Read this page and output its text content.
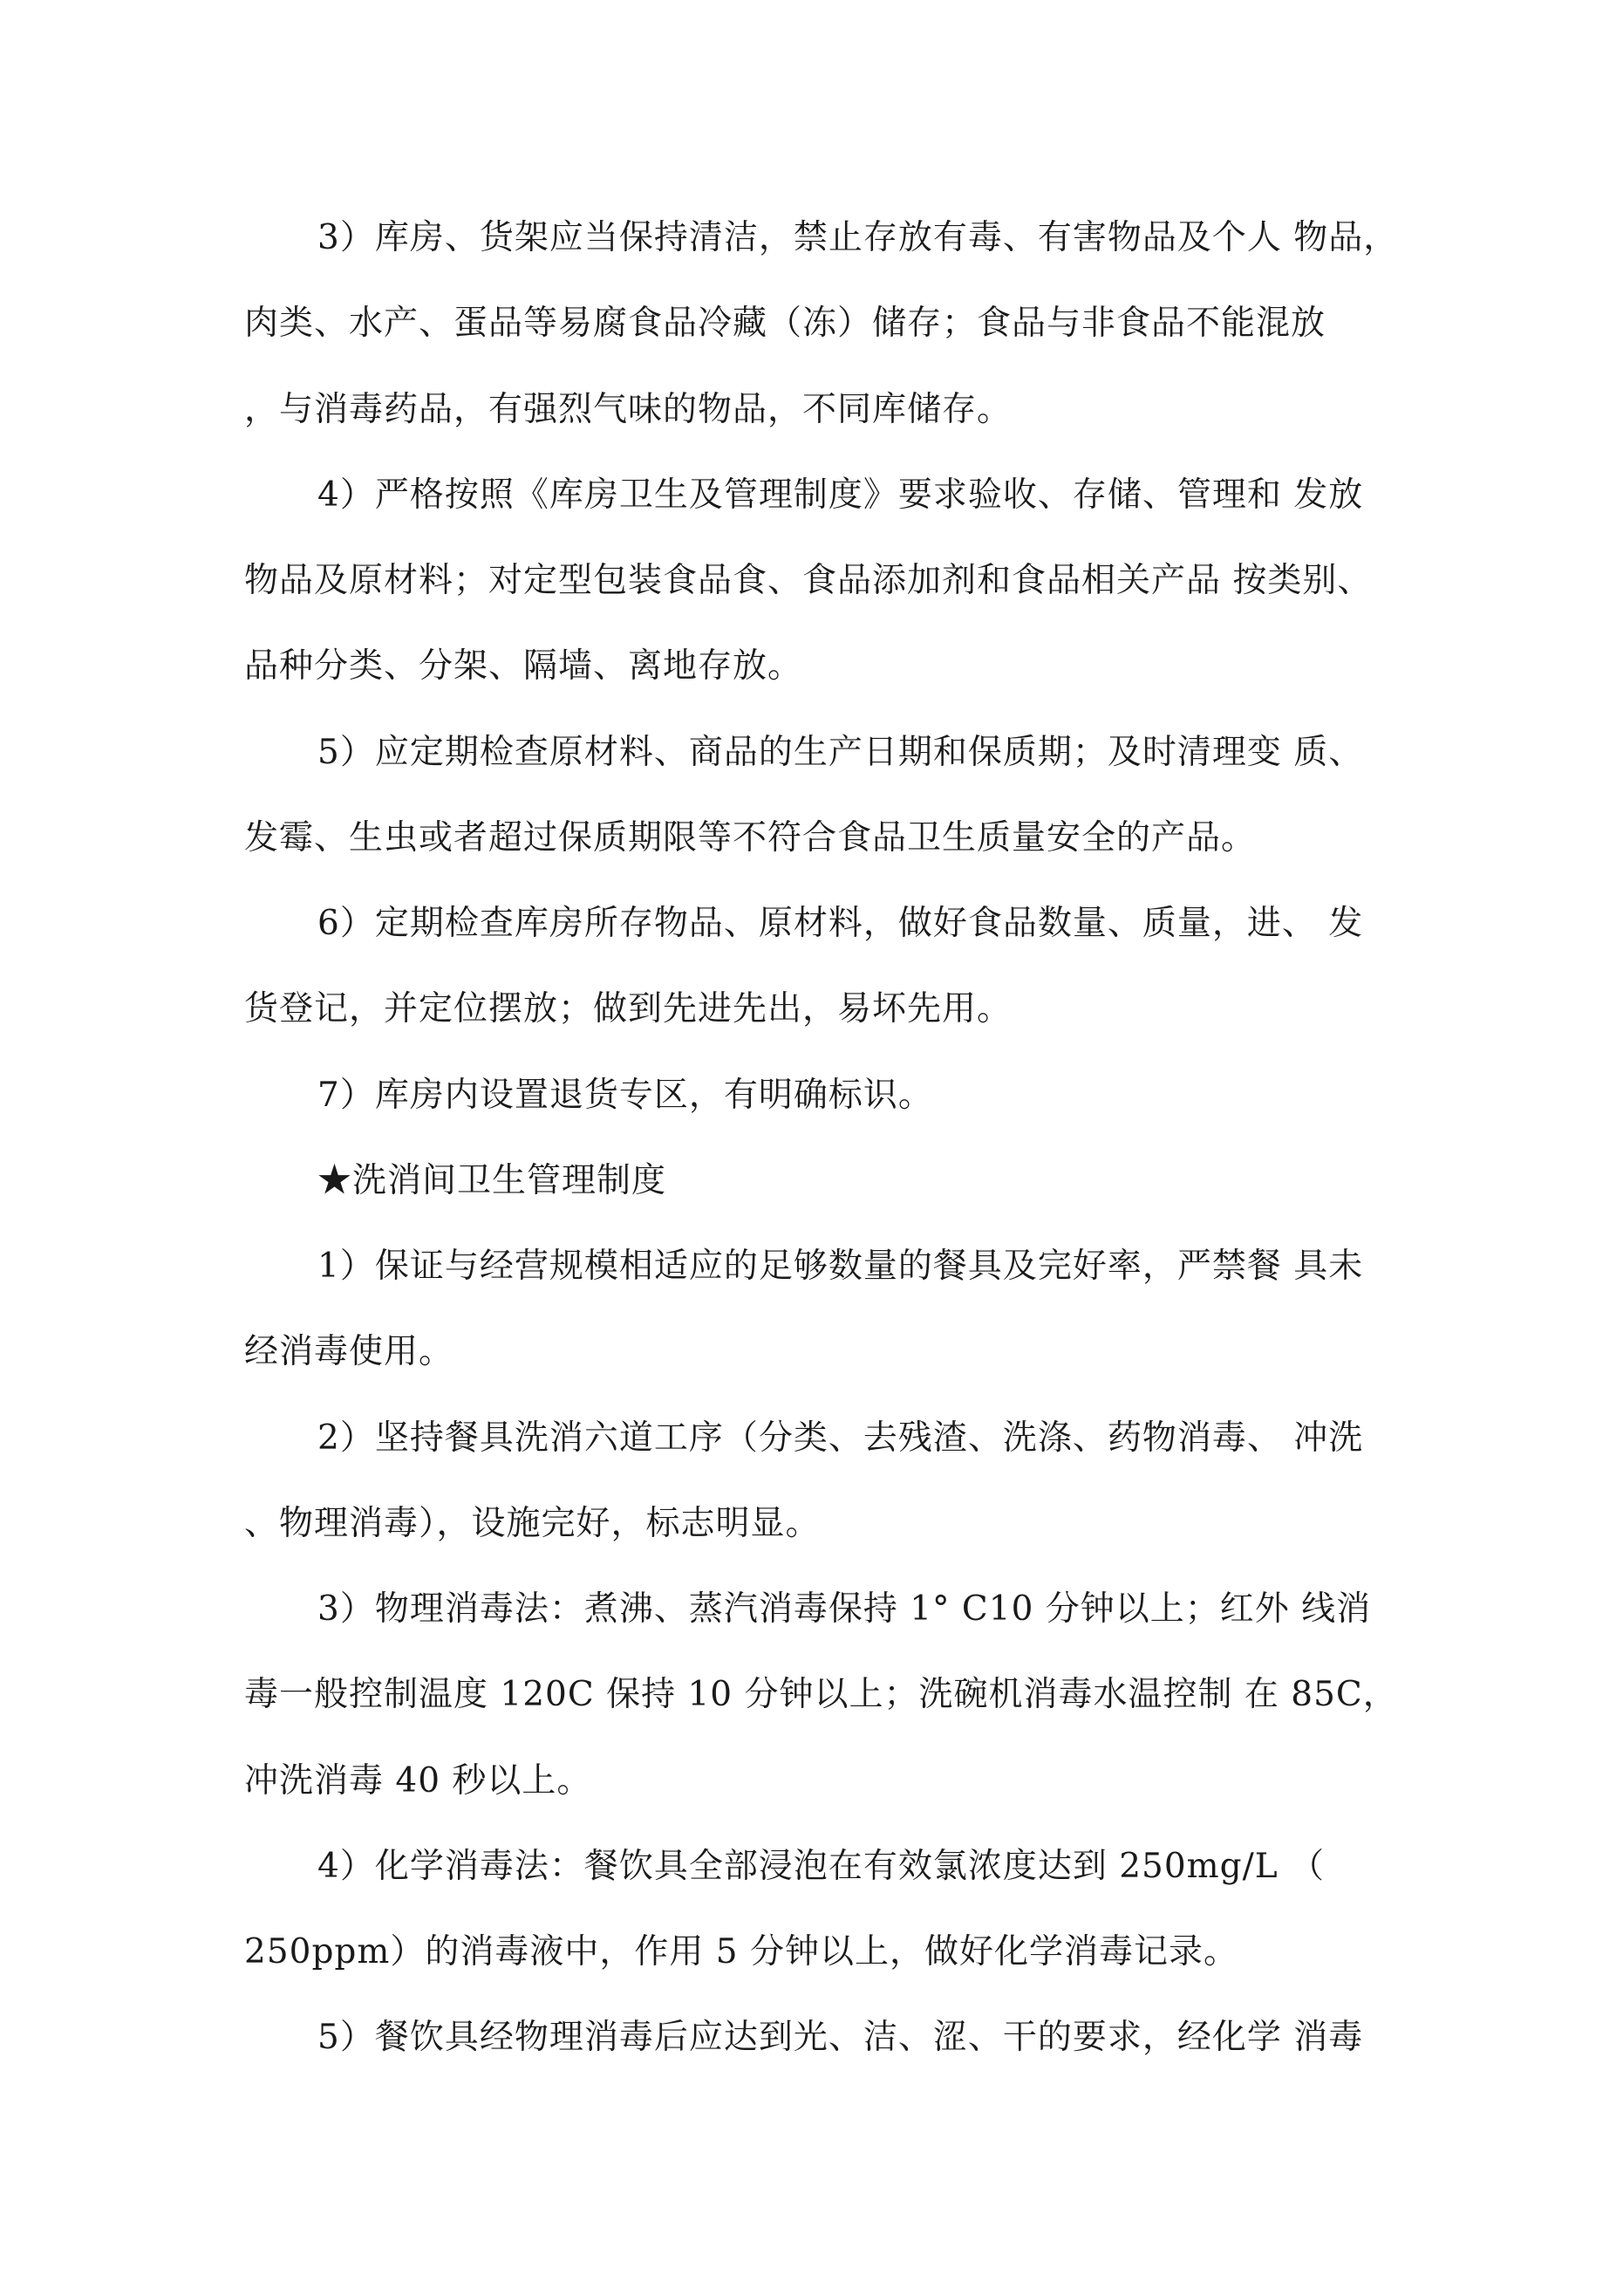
3）库房、货架应当保持清洁，禁止存放有毒、有害物品及个人 物品，
肉类、水产、蛋品等易腐食品冷藏（冻）储存；食品与非食品不能混放
，与消毒药品，有强烈气味的物品，不同库储存。
4）严格按照《库房卫生及管理制度》要求验收、存储、管理和 发放
物品及原材料；对定型包装食品食、食品添加剂和食品相关产品 按类别、
品种分类、分架、隔墙、离地存放。
5）应定期检查原材料、商品的生产日期和保质期；及时清理变 质、
发霉、生虫或者超过保质期限等不符合食品卫生质量安全的产品。
6）定期检查库房所存物品、原材料，做好食品数量、质量，进、 发
货登记，并定位摆放；做到先进先出，易坏先用。
7）库房内设置退货专区，有明确标识。
★洗消间卫生管理制度
1）保证与经营规模相适应的足够数量的餐具及完好率，严禁餐 具未
经消毒使用。
2）坚持餐具洗消六道工序（分类、去残渣、洗涤、药物消毒、 冲洗
、物理消毒），设施完好，标志明显。
3）物理消毒法：煮沸、蒸汽消毒保持 1° C10 分钟以上；红外 线消
毒一般控制温度 120C 保持 10 分钟以上；洗碗机消毒水温控制 在 85C，
冲洗消毒 40 秒以上。
4）化学消毒法：餐饮具全部浸泡在有效氯浓度达到 250mg/L （
250ppm）的消毒液中，作用 5 分钟以上，做好化学消毒记录。
5）餐饮具经物理消毒后应达到光、洁、涩、干的要求，经化学 消毒
